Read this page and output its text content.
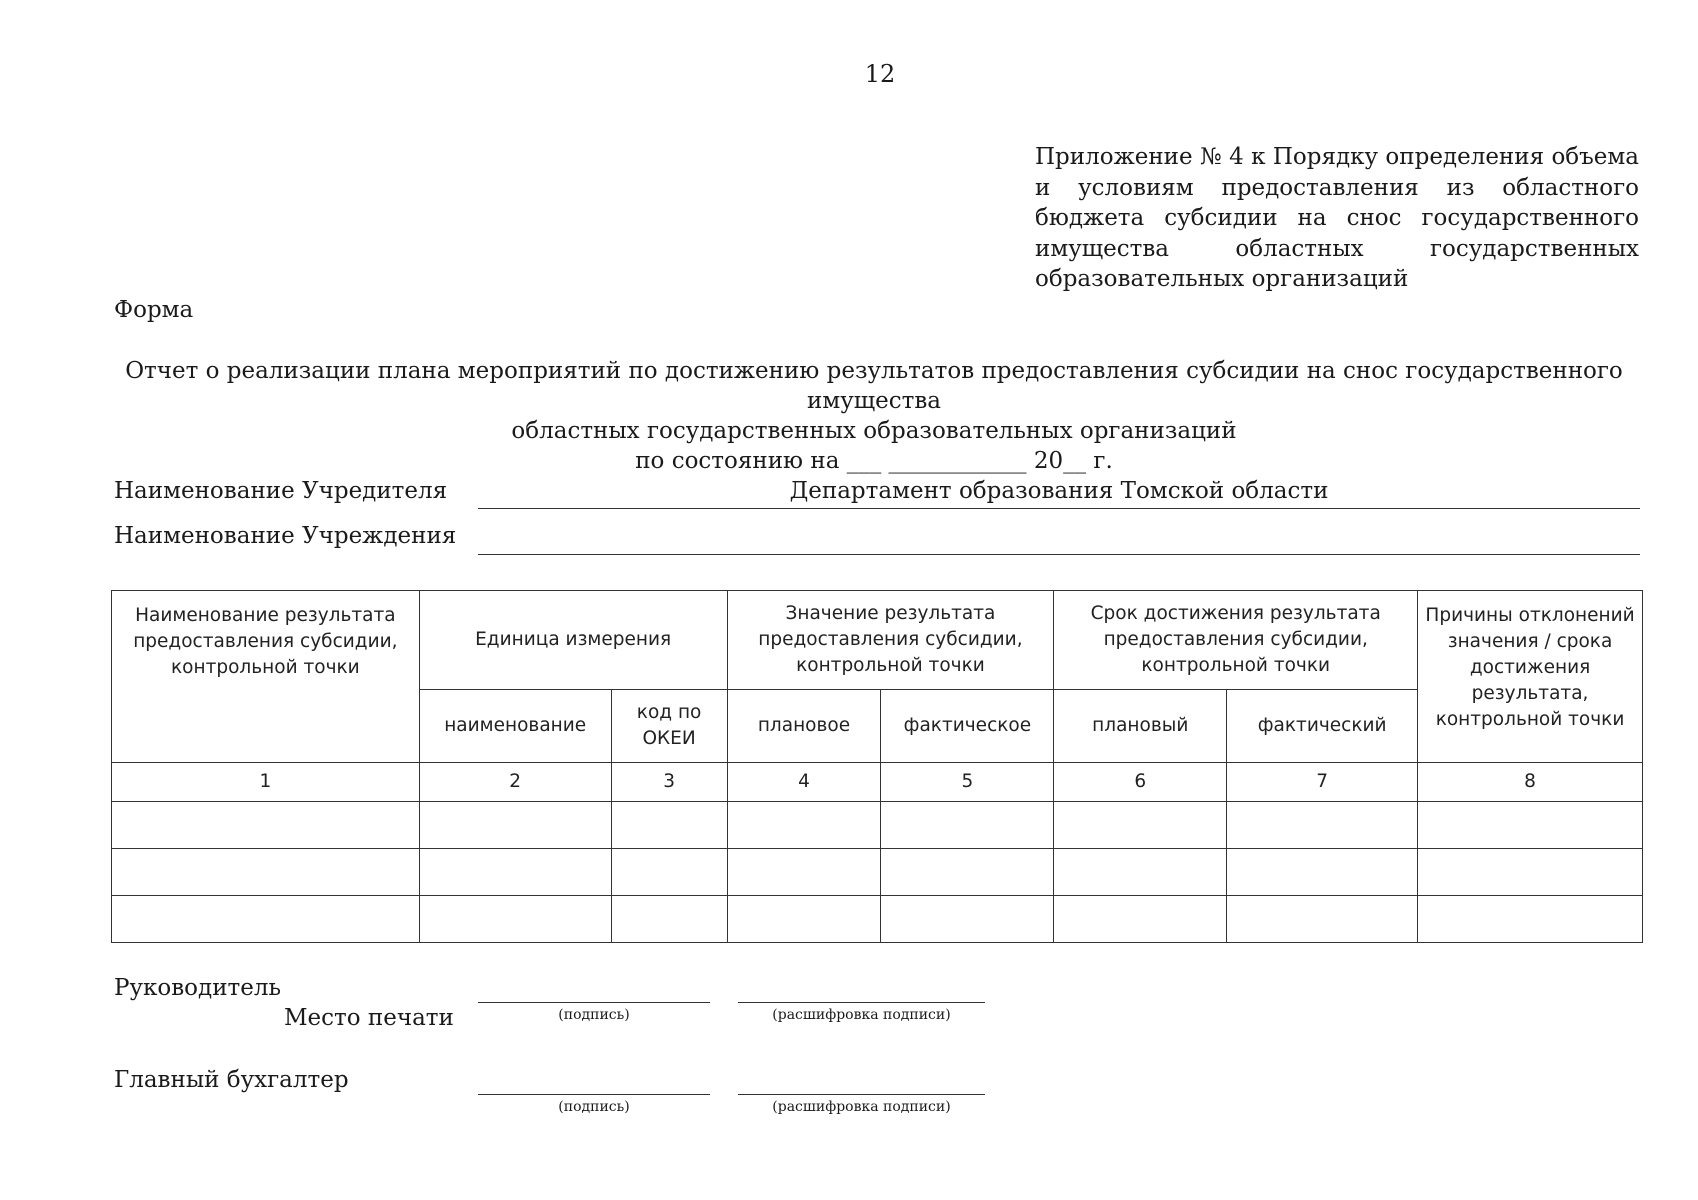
12
Приложение № 4 к Порядку определения объема и условиям предоставления из областного бюджета субсидии на снос государственного имущества областных государственных образовательных организаций
Форма
Отчет о реализации плана мероприятий по достижению результатов предоставления субсидии на снос государственного имущества
областных государственных образовательных организаций
по состоянию на ___ ____________ 20__ г.
Наименование Учредителя	Департамент образования Томской области
Наименование Учреждения
Наименование результата предоставления субсидии, контрольной точки	Единица измерения		Значение результата предоставления субсидии, контрольной точки		Срок достижения результата предоставления субсидии, контрольной точки		Причины отклонений значения / срока достижения результата, контрольной точки
	наименование	код по ОКЕИ	плановое	фактическое	плановый	фактический	
1	2	3	4	5	6	7	8

Руководитель
Место печати	(подпись)	(расшифровка подписи)
Главный бухгалтер
(подпись)	(расшифровка подписи)
